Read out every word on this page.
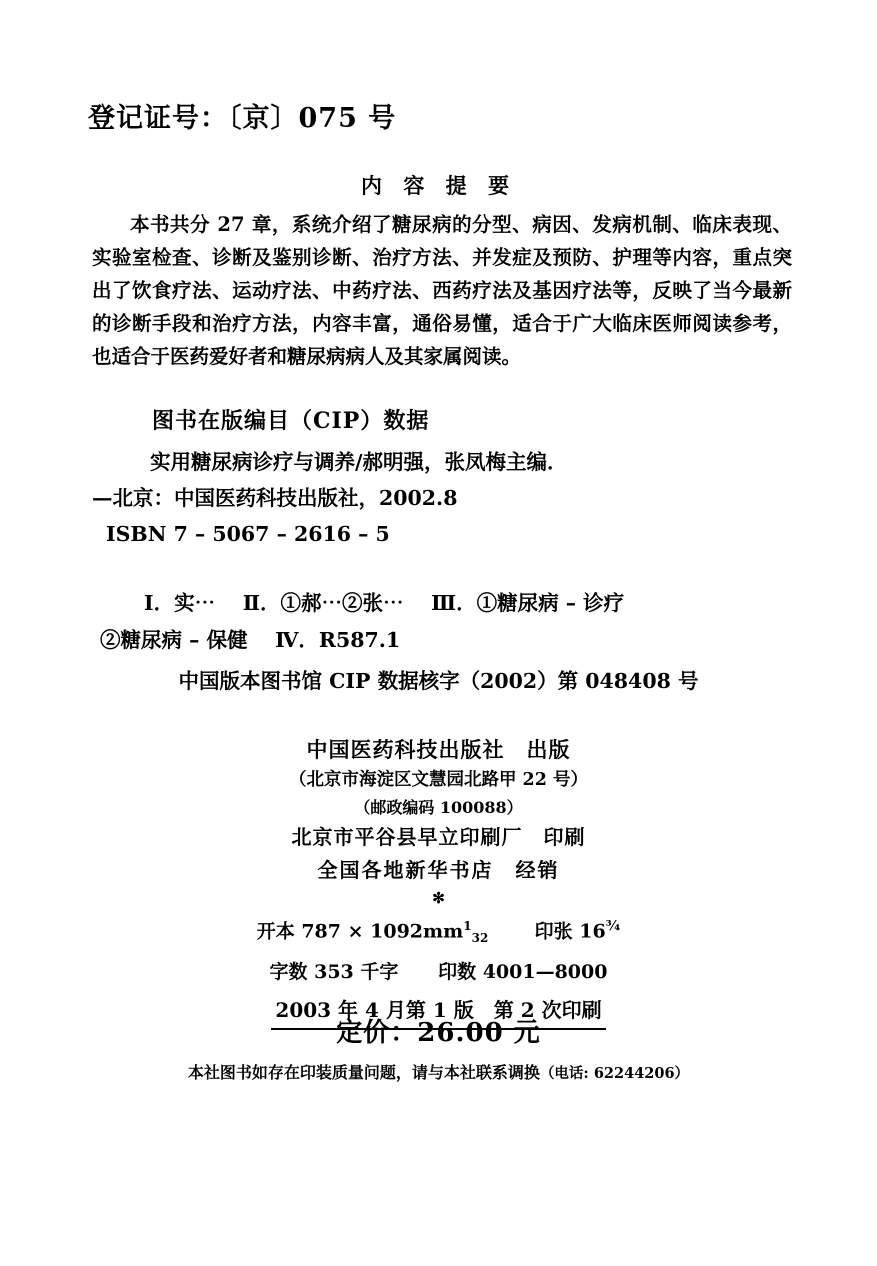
登记证号：〔京〕075 号
内 容 提 要

本书共分 27 章，系统介绍了糖尿病的分型、病因、发病机制、临床表现、实验室检查、诊断及鉴别诊断、治疗方法、并发症及预防、护理等内容，重点突出了饮食疗法、运动疗法、中药疗法、西药疗法及基因疗法等，反映了当今最新的诊断手段和治疗方法，内容丰富，通俗易懂，适合于广大临床医师阅读参考，也适合于医药爱好者和糖尿病病人及其家属阅读。

图书在版编目（CIP）数据
实用糖尿病诊疗与调养/郝明强，张凤梅主编．
—北京：中国医药科技出版社，2002.8
ISBN 7 – 5067 – 2616 – 5
Ⅰ．实⋯　 Ⅱ．①郝⋯②张⋯　 Ⅲ．①糖尿病 – 诊疗
②糖尿病 – 保健　 Ⅳ．R587.1
中国版本图书馆 CIP 数据核字（2002）第 048408 号
中国医药科技出版社　出版
（北京市海淀区文慧园北路甲 22 号）
（邮政编码 100088）
北京市平谷县早立印刷厂　印刷
全国各地新华书店　经销
✻
开本 $787 \times 1092mm^1_{32}$ 印张 $16^{\frac{3}{4}}$
字数 353 千字 印数 4001—8000
2003 年 4 月第 1 版　第 2 次印刷
定价：26.00 元
本社图书如存在印装质量问题，请与本社联系调换（电话: 62244206）
